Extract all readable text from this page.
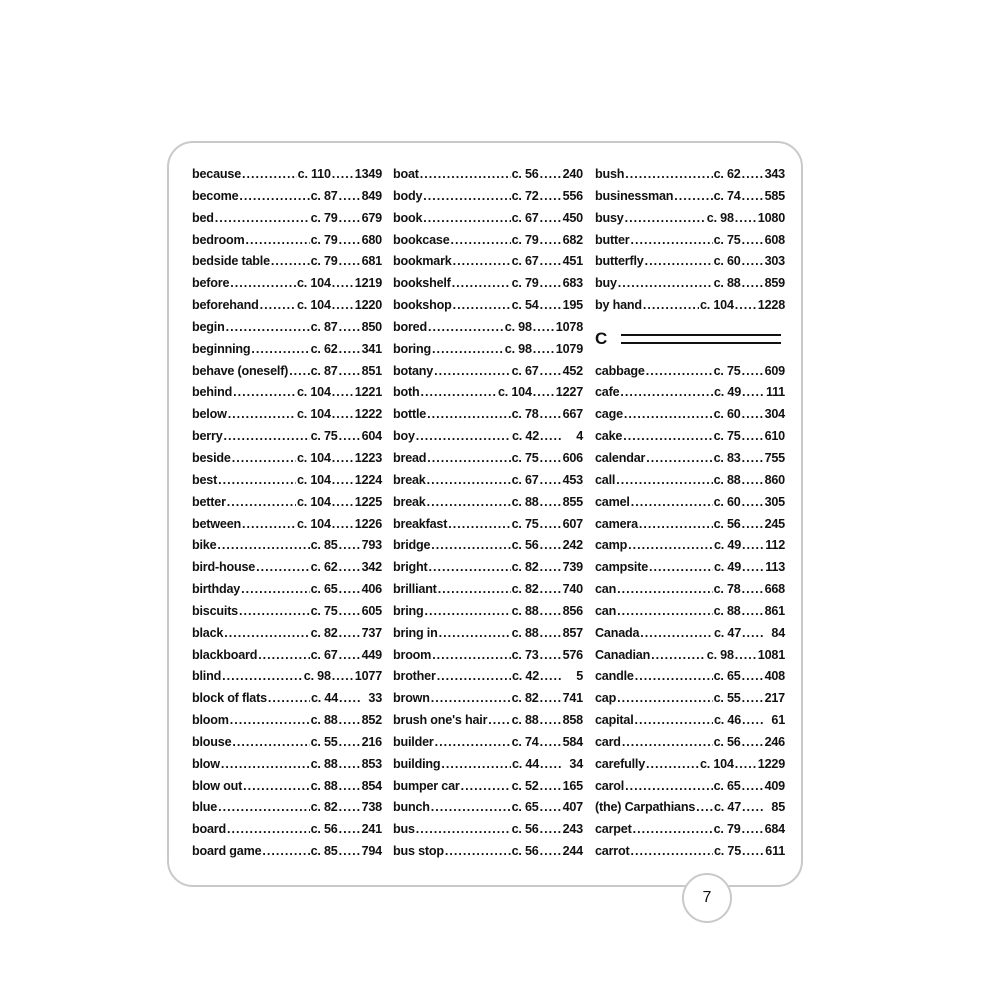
because .....	c. 110 ..... 1349
become .....	c. 87 ..... 849
bed .....	c. 79 ..... 679
bedroom .....	c. 79 ..... 680
bedside table .....	c. 79 ..... 681
before .....	c. 104 ..... 1219
beforehand .....	c. 104 ..... 1220
begin .....	c. 87 ..... 850
beginning .....	c. 62 ..... 341
behave (oneself) ..... c. 87 ..... 851
behind .....	c. 104 ..... 1221
below .....	c. 104 ..... 1222
berry .....	c. 75 ..... 604
beside .....	c. 104 ..... 1223
best .....	c. 104 ..... 1224
better .....	c. 104 ..... 1225
between .....	c. 104 ..... 1226
bike .....	c. 85 ..... 793
bird-house .....	c. 62 ..... 342
birthday .....	c. 65 ..... 406
biscuits .....	c. 75 ..... 605
black .....	c. 82 ..... 737
blackboard .....	c. 67 ..... 449
blind .....	c. 98 ..... 1077
block of flats .....	c. 44 .....	33
bloom .....	c. 88 ..... 852
blouse .....	c. 55 ..... 216
blow .....	c. 88 ..... 853
blow out .....	c. 88 ..... 854
blue .....	c. 82 ..... 738
board .....	c. 56 ..... 241
board game .....	c. 85 ..... 794
boat .....	c. 56 ..... 240
body .....	c. 72 ..... 556
book .....	c. 67 ..... 450
bookcase .....	c. 79 ..... 682
bookmark .....	c. 67 ..... 451
bookshelf .....	c. 79 ..... 683
bookshop .....	c. 54 ..... 195
bored .....	c. 98 ..... 1078
boring .....	c. 98 ..... 1079
botany .....	c. 67 ..... 452
both .....	c. 104 ..... 1227
bottle .....	c. 78 ..... 667
boy .....	c. 42 .....	4
bread .....	c. 75 ..... 606
break .....	c. 67 ..... 453
break .....	c. 88 ..... 855
breakfast .....	c. 75 ..... 607
bridge .....	c. 56 ..... 242
bright .....	c. 82 ..... 739
brilliant .....	c. 82 ..... 740
bring .....	c. 88 ..... 856
bring in .....	c. 88 ..... 857
broom .....	c. 73 ..... 576
brother .....	c. 42 .....	5
brown .....	c. 82 ..... 741
brush one's hair ..... c. 88 ..... 858
builder .....	c. 74 ..... 584
building .....	c. 44 .....	34
bumper car .....	c. 52 ..... 165
bunch .....	c. 65 ..... 407
bus .....	c. 56 ..... 243
bus stop .....	c. 56 ..... 244
bush .....	c. 62 ..... 343
businessman .....	c. 74 ..... 585
busy .....	c. 98 ..... 1080
butter .....	c. 75 ..... 608
butterfly .....	c. 60 ..... 303
buy .....	c. 88 ..... 859
by hand .....	c. 104 ..... 1228
C
cabbage .....	c. 75 ..... 609
cafe .....	c. 49 ..... 111
cage .....	c. 60 ..... 304
cake .....	c. 75 ..... 610
calendar .....	c. 83 ..... 755
call .....	c. 88 ..... 860
camel .....	c. 60 ..... 305
camera .....	c. 56 ..... 245
camp .....	c. 49 ..... 112
campsite .....	c. 49 ..... 113
can .....	c. 78 ..... 668
can .....	c. 88 ..... 861
Canada .....	c. 47 .....	84
Canadian .....	c. 98 ..... 1081
candle .....	c. 65 ..... 408
cap .....	c. 55 ..... 217
capital .....	c. 46 .....	61
card .....	c. 56 ..... 246
carefully .....	c. 104 ..... 1229
carol .....	c. 65 ..... 409
(the) Carpathians ..... c. 47 .....	85
carpet .....	c. 79 ..... 684
carrot .....	c. 75 ..... 611
7
